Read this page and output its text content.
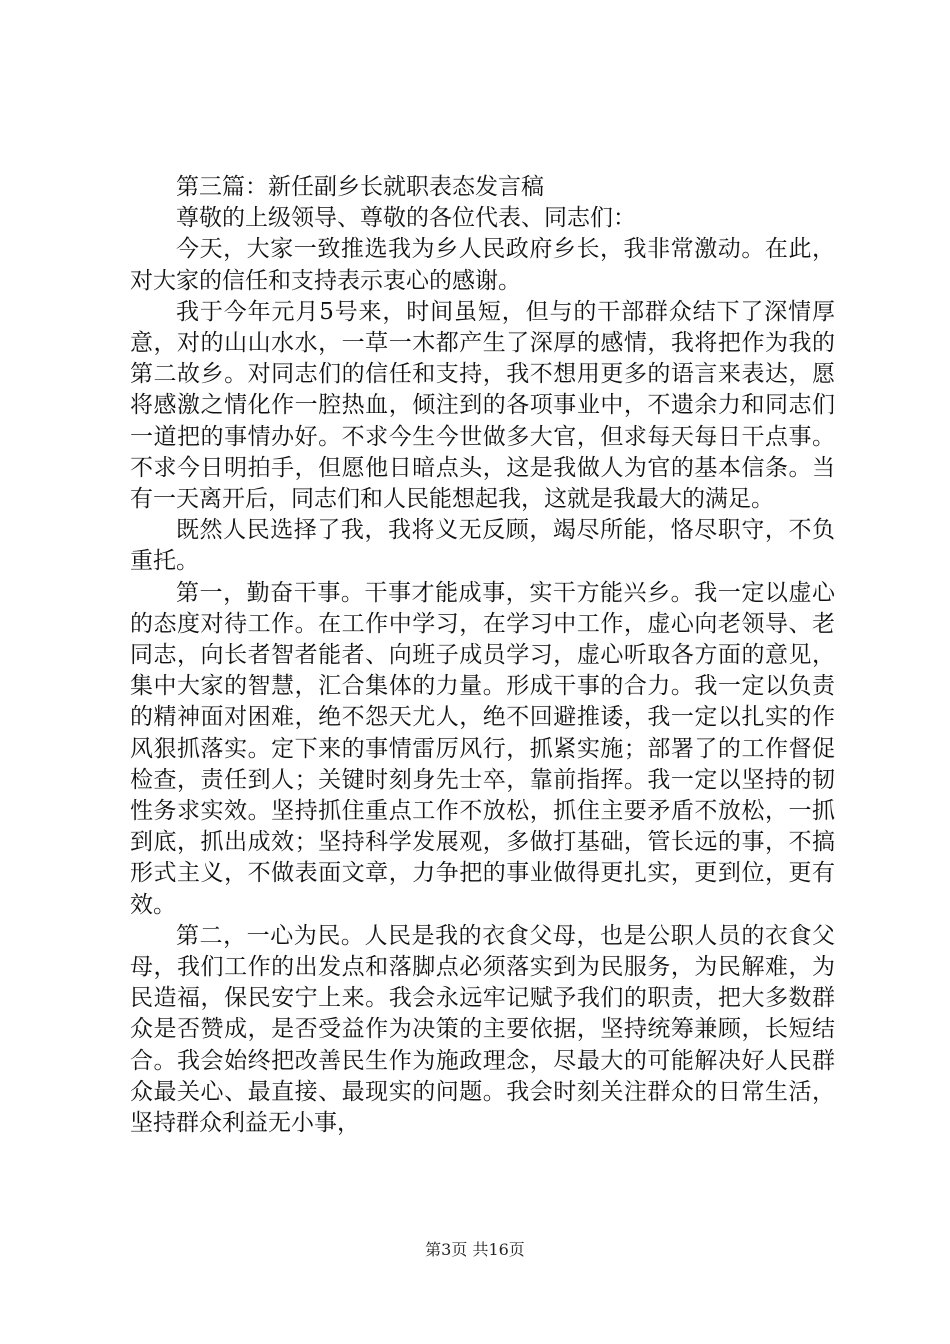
第三篇：新任副乡长就职表态发言稿

尊敬的上级领导、尊敬的各位代表、同志们：

今天，大家一致推选我为乡人民政府乡长，我非常激动。在此，对大家的信任和支持表示衷心的感谢。

我于今年元月5号来，时间虽短，但与的干部群众结下了深情厚意，对的山山水水，一草一木都产生了深厚的感情，我将把作为我的第二故乡。对同志们的信任和支持，我不想用更多的语言来表达，愿将感激之情化作一腔热血，倾注到的各项事业中，不遗余力和同志们一道把的事情办好。不求今生今世做多大官，但求每天每日干点事。不求今日明拍手，但愿他日暗点头，这是我做人为官的基本信条。当有一天离开后，同志们和人民能想起我，这就是我最大的满足。

既然人民选择了我，我将义无反顾，竭尽所能，恪尽职守，不负重托。

第一，勤奋干事。干事才能成事，实干方能兴乡。我一定以虚心的态度对待工作。在工作中学习，在学习中工作，虚心向老领导、老同志，向长者智者能者、向班子成员学习，虚心听取各方面的意见，集中大家的智慧，汇合集体的力量。形成干事的合力。我一定以负责的精神面对困难，绝不怨天尤人，绝不回避推诿，我一定以扎实的作风狠抓落实。定下来的事情雷厉风行，抓紧实施；部署了的工作督促检查，责任到人；关键时刻身先士卒，靠前指挥。我一定以坚持的韧性务求实效。坚持抓住重点工作不放松，抓住主要矛盾不放松，一抓到底，抓出成效；坚持科学发展观，多做打基础，管长远的事，不搞形式主义，不做表面文章，力争把的事业做得更扎实，更到位，更有效。

第二，一心为民。人民是我的衣食父母，也是公职人员的衣食父母，我们工作的出发点和落脚点必须落实到为民服务，为民解难，为民造福，保民安宁上来。我会永远牢记赋予我们的职责，把大多数群众是否赞成，是否受益作为决策的主要依据，坚持统筹兼顾，长短结合。我会始终把改善民生作为施政理念，尽最大的可能解决好人民群众最关心、最直接、最现实的问题。我会时刻关注群众的日常生活，坚持群众利益无小事，

第3页 共16页
